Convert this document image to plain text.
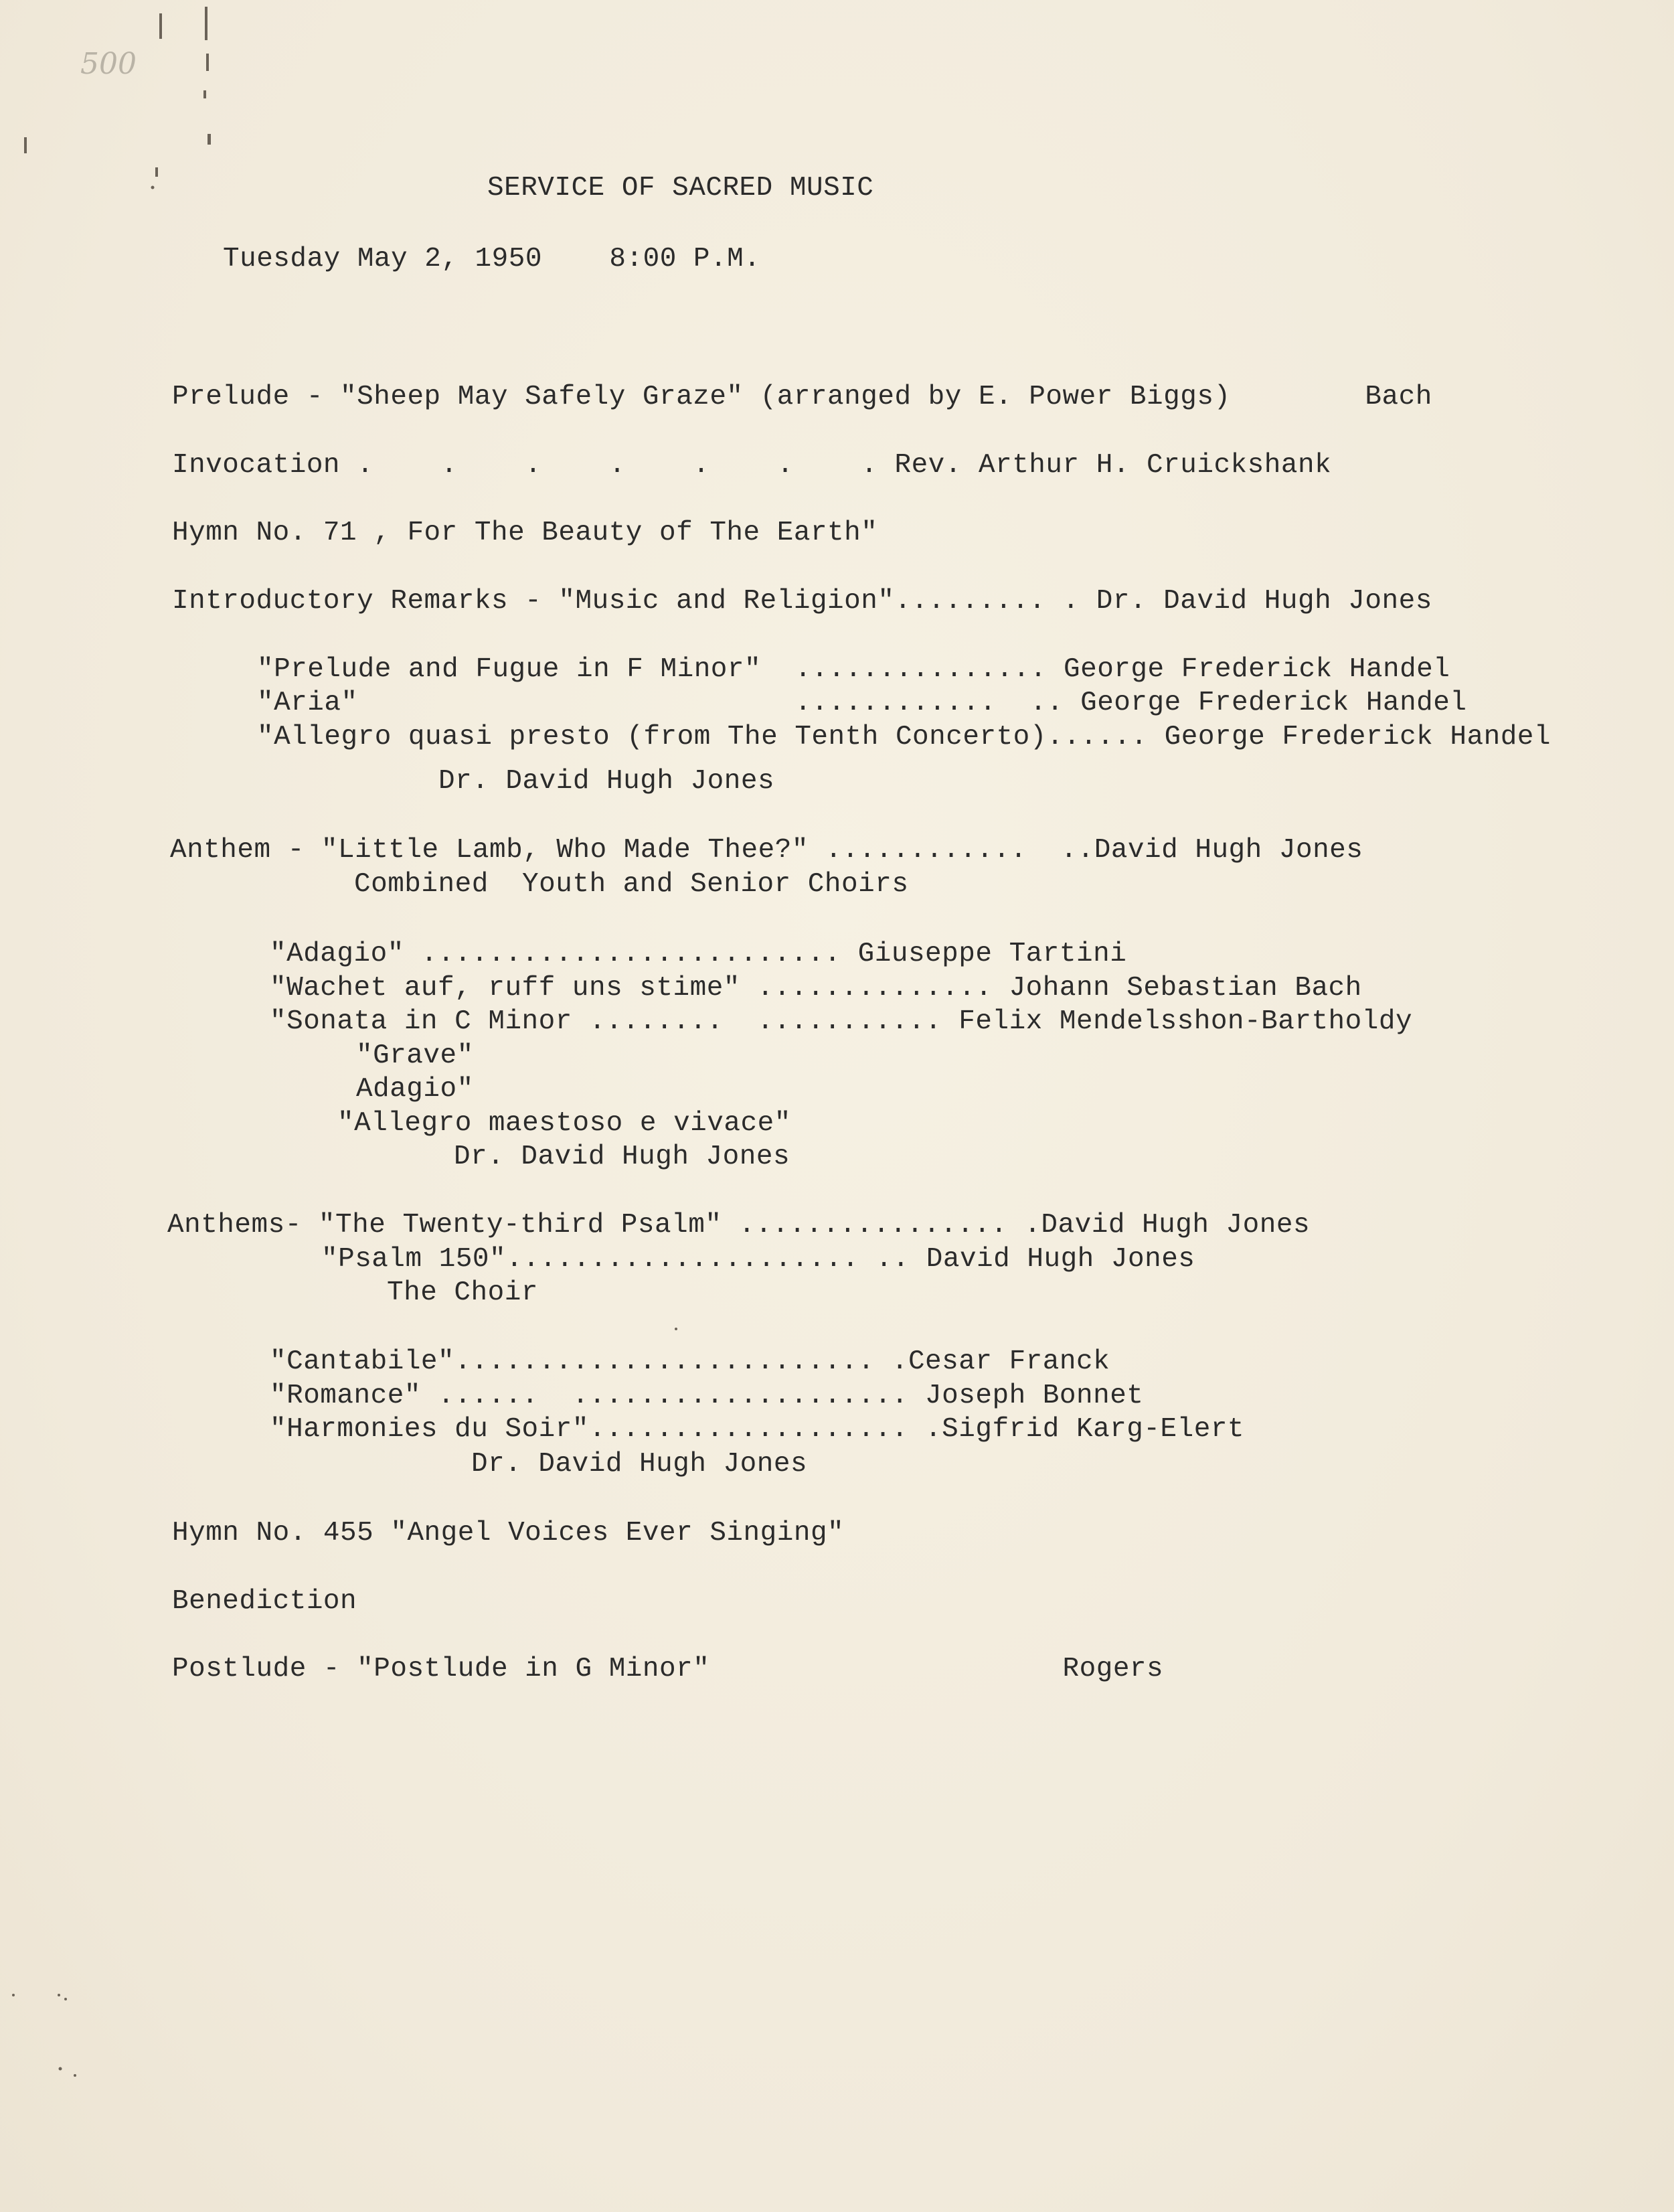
500
SERVICE OF SACRED MUSIC
Tuesday May 2, 1950    8:00 P.M.
Prelude - "Sheep May Safely Graze" (arranged by E. Power Biggs)        Bach
Invocation .    .    .    .    .    .    . Rev. Arthur H. Cruickshank
Hymn No. 71 , For The Beauty of The Earth"
Introductory Remarks - "Music and Religion"......... . Dr. David Hugh Jones
"Prelude and Fugue in F Minor"  ............... George Frederick Handel
"Aria"                          ............  .. George Frederick Handel
"Allegro quasi presto (from The Tenth Concerto)...... George Frederick Handel
Dr. David Hugh Jones
Anthem - "Little Lamb, Who Made Thee?" ............  ..David Hugh Jones
Combined  Youth and Senior Choirs
"Adagio" ......................... Giuseppe Tartini
"Wachet auf, ruff uns stime" .............. Johann Sebastian Bach
"Sonata in C Minor ........  ........... Felix Mendelsshon-Bartholdy
"Grave"
Adagio"
"Allegro maestoso e vivace"
Dr. David Hugh Jones
Anthems- "The Twenty-third Psalm" ................ .David Hugh Jones
"Psalm 150"..................... .. David Hugh Jones
The Choir
"Cantabile"......................... .Cesar Franck
"Romance" ......  .................... Joseph Bonnet
"Harmonies du Soir"................... .Sigfrid Karg-Elert
Dr. David Hugh Jones
Hymn No. 455 "Angel Voices Ever Singing"
Benediction
Postlude - "Postlude in G Minor"                     Rogers
